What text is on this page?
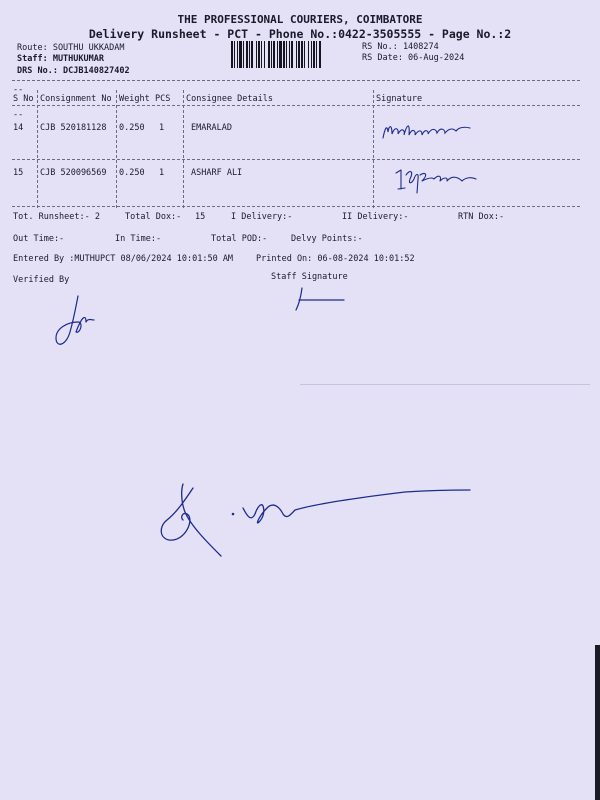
THE PROFESSIONAL COURIERS, COIMBATORE
Delivery Runsheet - PCT - Phone No.:0422-3505555 - Page No.:2
Route: SOUTHU UKKADAM
Staff: MUTHUKUMAR
DRS No.: DCJB140827402
RS No.: 1408274
RS Date: 06-Aug-2024
--
S No Consignment No Weight PCS Consignee Details	Signature
--
14 CJB 520181128 0.250 1	EMARALAD
15 CJB 520096569 0.250 1	ASHARF ALI
Tot. Runsheet:- 2	Total Dox:- 15	I Delivery:-	II Delivery:-	RTN Dox:-
Out Time:-	In Time:-	Total POD:-	Delvy Points:-
Entered By :MUTHUPCT 08/06/2024 10:01:50 AM	Printed On: 06-08-2024 10:01:52
Verified By	Staff Signature
